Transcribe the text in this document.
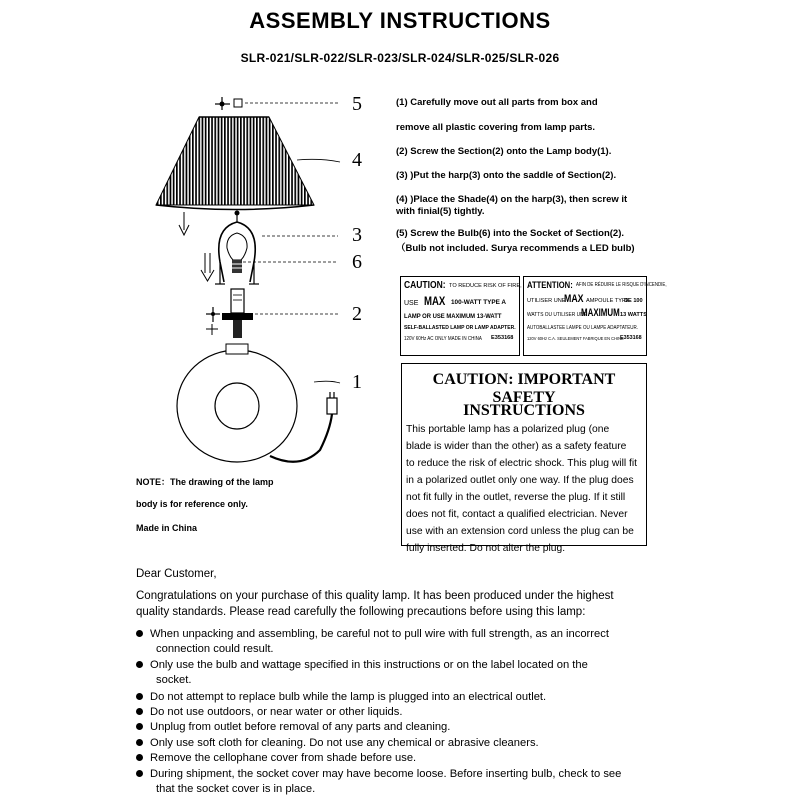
ASSEMBLY INSTRUCTIONS
SLR-021/SLR-022/SLR-023/SLR-024/SLR-025/SLR-026
5
4
3
6
2
1
(1) Carefully move out all parts from box and
remove all plastic covering from lamp parts.
(2) Screw the Section(2) onto the Lamp body(1).
(3) )Put the harp(3) onto the saddle of Section(2).
(4) )Place the Shade(4) on the harp(3), then screw it
with finial(5) tightly.
(5) Screw the Bulb(6) into the Socket of Section(2).
（Bulb not included. Surya recommends a LED bulb)
NOTE：The drawing of the lamp
body is for reference only.
Made in China
CAUTION: TO REDUCE RISK OF FIRE,
USE MAX 100-WATT TYPE A
LAMP OR USE MAXIMUM 13-WATT
SELF-BALLASTED LAMP OR LAMP ADAPTER.
120V 60Hz AC ONLY MADE IN CHINA E353168
ATTENTION: AFIN DE RÉDUIRE LE RISQUE D'INCENDIE,
UTILISER UNE
MAX AMPOULE TYPE
DE 100
WATTS OU UTILISER UNE
MAXIMUM 13 WATTS
AUTOBALLASTEE LAMPE OU LAMPE ADAPTATEUR.
120V 60Hz C.A. SEULEMENT FABRIQUE EN CHINE
E353168
CAUTION: IMPORTANT SAFETY
INSTRUCTIONS
This portable lamp has a polarized plug (one
blade is wider than the other) as a safety feature
to reduce the risk of electric shock. This plug will fit
in a polarized outlet only one way. If the plug does
not fit fully in the outlet, reverse the plug. If it still
does not fit, contact a qualified electrician. Never
use with an extension cord unless the plug can be
fully inserted. Do not alter the plug.
Dear Customer,
Congratulations on your purchase of this quality lamp. It has been produced under the highest
quality standards. Please read carefully the following precautions before using this lamp:
When unpacking and assembling, be careful not to pull wire with full strength, as an incorrect
connection could result.
Only use the bulb and wattage specified in this instructions or on the label located on the
socket.
Do not attempt to replace bulb while the lamp is plugged into an electrical outlet.
Do not use outdoors, or near water or other liquids.
Unplug from outlet before removal of any parts and cleaning.
Only use soft cloth for cleaning. Do not use any chemical or abrasive cleaners.
Remove the cellophane cover from shade before use.
During shipment, the socket cover may have become loose. Before inserting bulb, check to see
that the socket cover is in place.
